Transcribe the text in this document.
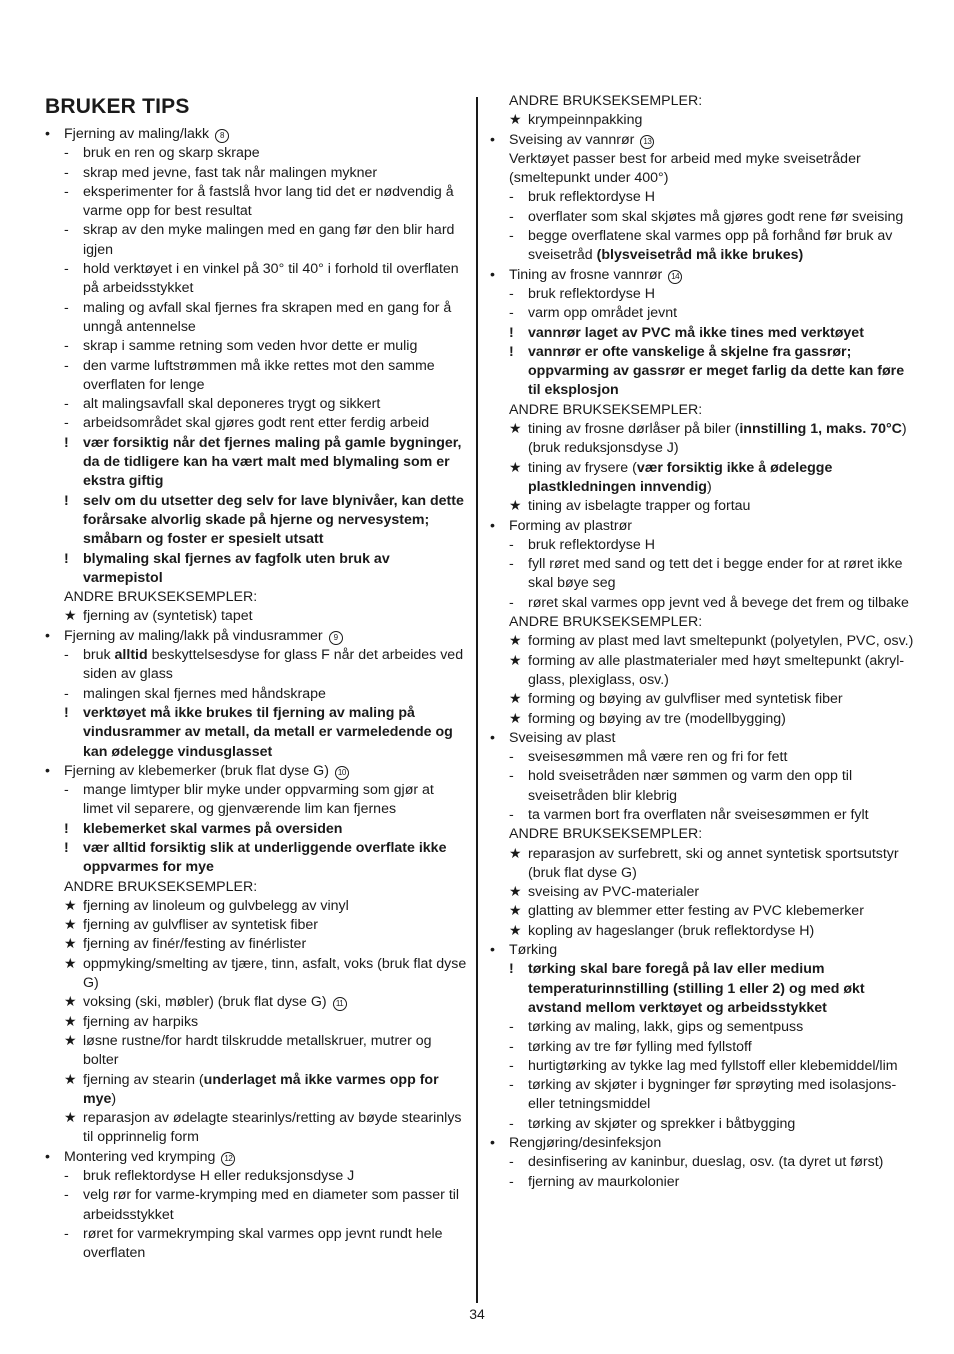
BRUKER TIPS
• Fjerning av maling/lakk 8
-	bruk en ren og skarp skrape
-	skrap med jevne, fast tak når malingen mykner
-	eksperimenter for å fastslå hvor lang tid det er nødvendig å varme opp for best resultat
-	skrap av den myke malingen med en gang før den blir hard igjen
-	hold verktøyet i en vinkel på 30° til 40° i forhold til overflaten på arbeidsstykket
-	maling og avfall skal fjernes fra skrapen med en gang for å unngå antennelse
-	skrap i samme retning som veden hvor dette er mulig
-	den varme luftstrømmen må ikke rettes mot den samme overflaten for lenge
-	alt malingsavfall skal deponeres trygt og sikkert
-	arbeidsområdet skal gjøres godt rent etter ferdig arbeid
!	vær forsiktig når det fjernes maling på gamle bygninger, da de tidligere kan ha vært malt med blymaling som er ekstra giftig
!	selv om du utsetter deg selv for lave blynivåer, kan dette forårsake alvorlig skade på hjerne og nervesystem; småbarn og foster er spesielt utsatt
!	blymaling skal fjernes av fagfolk uten bruk av varmepistol
ANDRE BRUKSEKSEMPLER:
★ fjerning av (syntetisk) tapet
• Fjerning av maling/lakk på vindusrammer 9
-	bruk alltid beskyttelsesdyse for glass F når det arbeides ved siden av glass
-	malingen skal fjernes med håndskrape
!	verktøyet må ikke brukes til fjerning av maling på vindusrammer av metall, da metall er varmeledende og kan ødelegge vindusglasset
• Fjerning av klebemerker (bruk flat dyse G) 10
-	mange limtyper blir myke under oppvarming som gjør at limet vil separere, og gjenværende lim kan fjernes
!	klebemerket skal varmes på oversiden
!	vær alltid forsiktig slik at underliggende overflate ikke oppvarmes for mye
ANDRE BRUKSEKSEMPLER:
★ fjerning av linoleum og gulvbelegg av vinyl
★ fjerning av gulvfliser av syntetisk fiber
★ fjerning av finér/festing av finérlister
★ oppmyking/smelting av tjære, tinn, asfalt, voks (bruk flat dyse G)
★ voksing (ski, møbler) (bruk flat dyse G) 11
★ fjerning av harpiks
★ løsne rustne/for hardt tilskrudde metallskruer, mutrer og bolter
★ fjerning av stearin (underlaget må ikke varmes opp for mye)
★ reparasjon av ødelagte stearinlys/retting av bøyde stearinlys til opprinnelig form
• Montering ved krymping 12
-	bruk reflektordyse H eller reduksjonsdyse J
-	velg rør for varme-krymping med en diameter som passer til arbeidsstykket
-	røret for varmekrymping skal varmes opp jevnt rundt hele overflaten
ANDRE BRUKSEKSEMPLER:
★ krympeinnpakking
• Sveising av vannrør 13
Verktøyet passer best for arbeid med myke sveisetråder (smeltepunkt under 400°)
-	bruk reflektordyse H
-	overflater som skal skjøtes må gjøres godt rene før sveising
-	begge overflatene skal varmes opp på forhånd før bruk av sveisetråd (blysveisetråd må ikke brukes)
• Tining av frosne vannrør 14
-	bruk reflektordyse H
-	varm opp området jevnt
!	vannrør laget av PVC må ikke tines med verktøyet
!	vannrør er ofte vanskelige å skjelne fra gassrør; oppvarming av gassrør er meget farlig da dette kan føre til eksplosjon
ANDRE BRUKSEKSEMPLER:
★ tining av frosne dørlåser på biler (innstilling 1, maks. 70°C) (bruk reduksjonsdyse J)
★ tining av frysere (vær forsiktig ikke å ødelegge plastkledningen innvendig)
★ tining av isbelagte trapper og fortau
• Forming av plastrør
-	bruk reflektordyse H
-	fyll røret med sand og tett det i begge ender for at røret ikke skal bøye seg
-	røret skal varmes opp jevnt ved å bevege det frem og tilbake
ANDRE BRUKSEKSEMPLER:
★ forming av plast med lavt smeltepunkt (polyetylen, PVC, osv.)
★ forming av alle plastmaterialer med høyt smeltepunkt (akryl-glass, plexiglass, osv.)
★ forming og bøying av gulvfliser med syntetisk fiber
★ forming og bøying av tre (modellbygging)
• Sveising av plast
-	sveisesømmen må være ren og fri for fett
-	hold sveisetråden nær sømmen og varm den opp til sveisetråden blir klebrig
-	ta varmen bort fra overflaten når sveisesømmen er fylt
ANDRE BRUKSEKSEMPLER:
★ reparasjon av surfebrett, ski og annet syntetisk sportsutstyr (bruk flat dyse G)
★ sveising av PVC-materialer
★ glatting av blemmer etter festing av PVC klebemerker
★ kopling av hageslanger (bruk reflektordyse H)
• Tørking
!	tørking skal bare foregå på lav eller medium temperaturinnstilling (stilling 1 eller 2) og med økt avstand mellom verktøyet og arbeidsstykket
-	tørking av maling, lakk, gips og sementpuss
-	tørking av tre før fylling med fyllstoff
-	hurtigtørking av tykke lag med fyllstoff eller klebemiddel/lim
-	tørking av skjøter i bygninger før sprøyting med isolasjons- eller tetningsmiddel
-	tørking av skjøter og sprekker i båtbygging
• Rengjøring/desinfeksjon
-	desinfisering av kaninbur, dueslag, osv. (ta dyret ut først)
-	fjerning av maurkolonier
34
